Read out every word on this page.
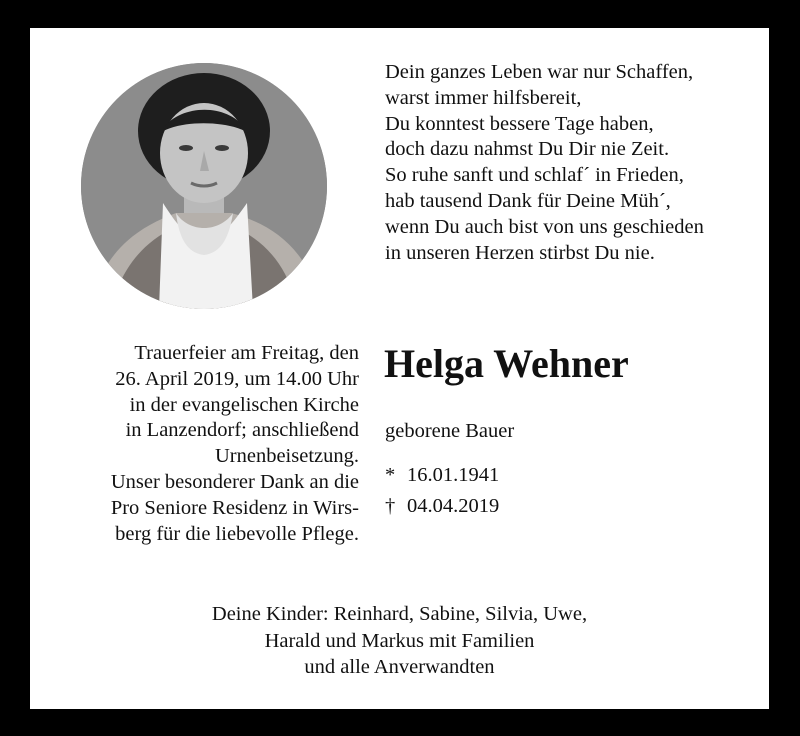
Dein ganzes Leben war nur Schaffen,
warst immer hilfsbereit,
Du konntest bessere Tage haben,
doch dazu nahmst Du Dir nie Zeit.
So ruhe sanft und schlaf´ in Frieden,
hab tausend Dank für Deine Müh´,
wenn Du auch bist von uns geschieden
in unseren Herzen stirbst Du nie.
Trauerfeier am Freitag, den
26. April 2019, um 14.00 Uhr
in der evangelischen Kirche
in Lanzendorf; anschließend
Urnenbeisetzung.
Unser besonderer Dank an die
Pro Seniore Residenz in Wirs-
berg für die liebevolle Pflege.
Helga Wehner
geborene Bauer
* 16.01.1941
† 04.04.2019
Deine Kinder: Reinhard, Sabine, Silvia, Uwe,
Harald und Markus mit Familien
und alle Anverwandten
